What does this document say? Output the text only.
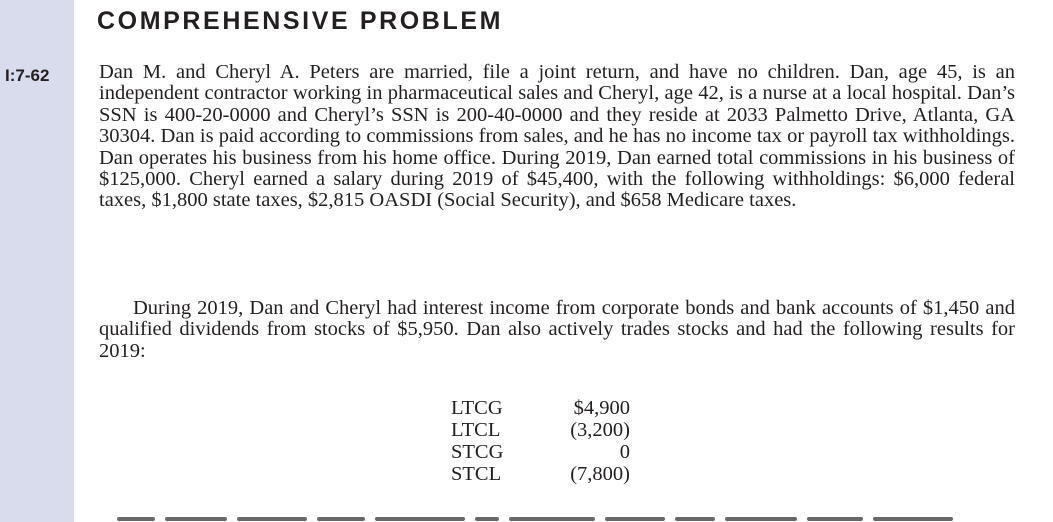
COMPREHENSIVE PROBLEM
I:7-62 Dan M. and Cheryl A. Peters are married, file a joint return, and have no children. Dan, age 45, is an independent contractor working in pharmaceutical sales and Cheryl, age 42, is a nurse at a local hospital. Dan’s SSN is 400-20-0000 and Cheryl’s SSN is 200-40-0000 and they reside at 2033 Palmetto Drive, Atlanta, GA 30304. Dan is paid according to commissions from sales, and he has no income tax or payroll tax withholdings. Dan operates his business from his home office. During 2019, Dan earned total commissions in his business of $125,000. Cheryl earned a salary during 2019 of $45,400, with the following withholdings: $6,000 federal taxes, $1,800 state taxes, $2,815 OASDI (Social Security), and $658 Medicare taxes.

During 2019, Dan and Cheryl had interest income from corporate bonds and bank accounts of $1,450 and qualified dividends from stocks of $5,950. Dan also actively trades stocks and had the following results for 2019:

LTCG	$4,900
LTCL	(3,200)
STCG	0
STCL	(7,800)
